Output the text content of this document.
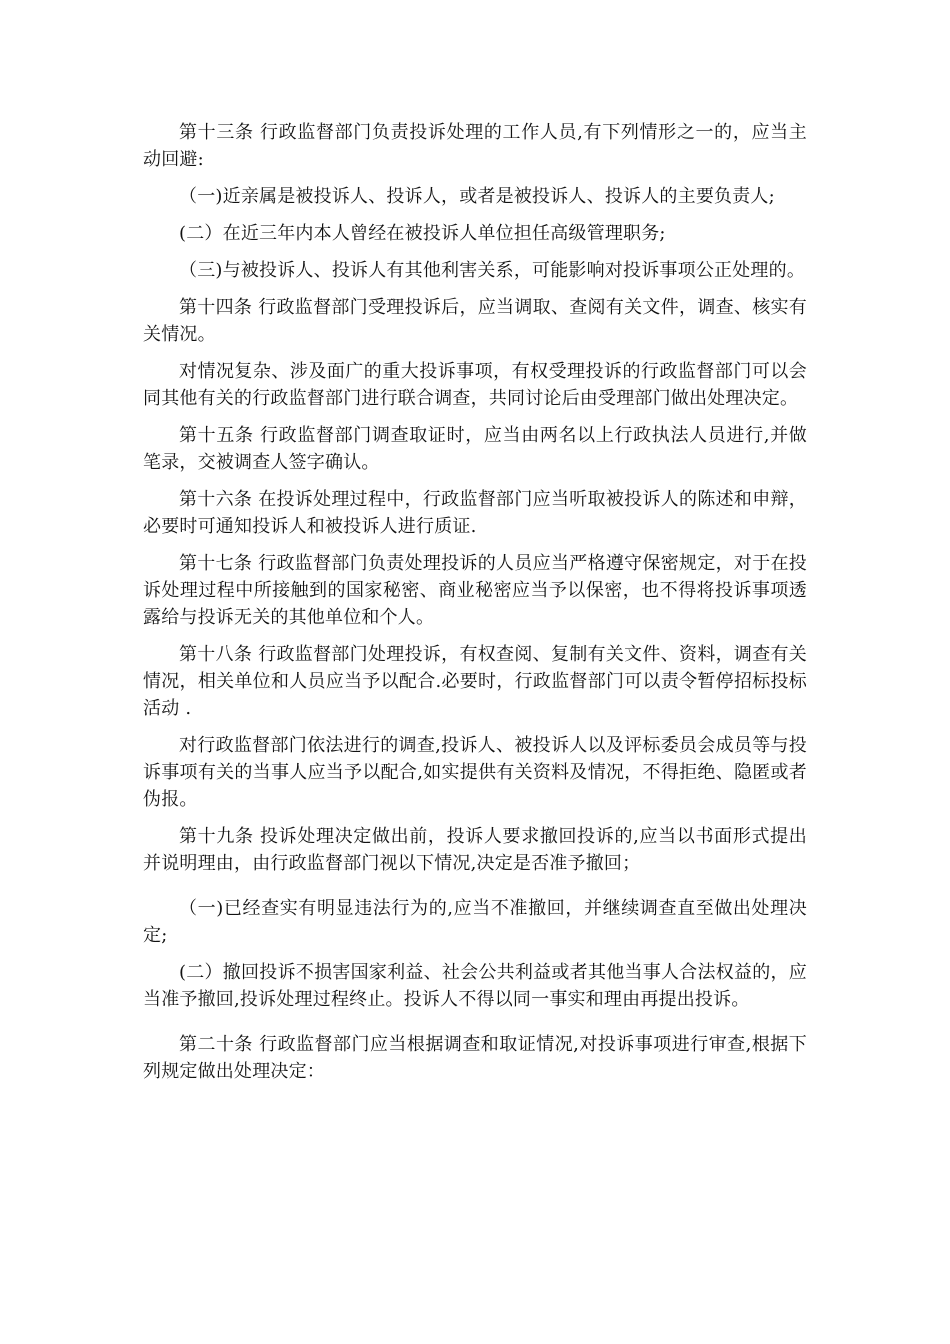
第十三条 行政监督部门负责投诉处理的工作人员,有下列情形之一的，应当主动回避:

（一)近亲属是被投诉人、投诉人，或者是被投诉人、投诉人的主要负责人;

(二）在近三年内本人曾经在被投诉人单位担任高级管理职务;

（三)与被投诉人、投诉人有其他利害关系，可能影响对投诉事项公正处理的。

第十四条 行政监督部门受理投诉后，应当调取、查阅有关文件，调查、核实有关情况。

对情况复杂、涉及面广的重大投诉事项，有权受理投诉的行政监督部门可以会同其他有关的行政监督部门进行联合调查，共同讨论后由受理部门做出处理决定。

第十五条 行政监督部门调查取证时，应当由两名以上行政执法人员进行,并做笔录，交被调查人签字确认。

第十六条 在投诉处理过程中，行政监督部门应当听取被投诉人的陈述和申辩，必要时可通知投诉人和被投诉人进行质证.

第十七条 行政监督部门负责处理投诉的人员应当严格遵守保密规定，对于在投诉处理过程中所接触到的国家秘密、商业秘密应当予以保密，也不得将投诉事项透露给与投诉无关的其他单位和个人。

第十八条 行政监督部门处理投诉，有权查阅、复制有关文件、资料，调查有关情况，相关单位和人员应当予以配合.必要时，行政监督部门可以责令暂停招标投标活动 .

对行政监督部门依法进行的调查,投诉人、被投诉人以及评标委员会成员等与投诉事项有关的当事人应当予以配合,如实提供有关资料及情况，不得拒绝、隐匿或者伪报。

第十九条 投诉处理决定做出前，投诉人要求撤回投诉的,应当以书面形式提出并说明理由，由行政监督部门视以下情况,决定是否准予撤回；

（一)已经查实有明显违法行为的,应当不准撤回，并继续调查直至做出处理决定;

(二）撤回投诉不损害国家利益、社会公共利益或者其他当事人合法权益的，应当准予撤回,投诉处理过程终止。投诉人不得以同一事实和理由再提出投诉。

第二十条 行政监督部门应当根据调查和取证情况,对投诉事项进行审查,根据下列规定做出处理决定：
